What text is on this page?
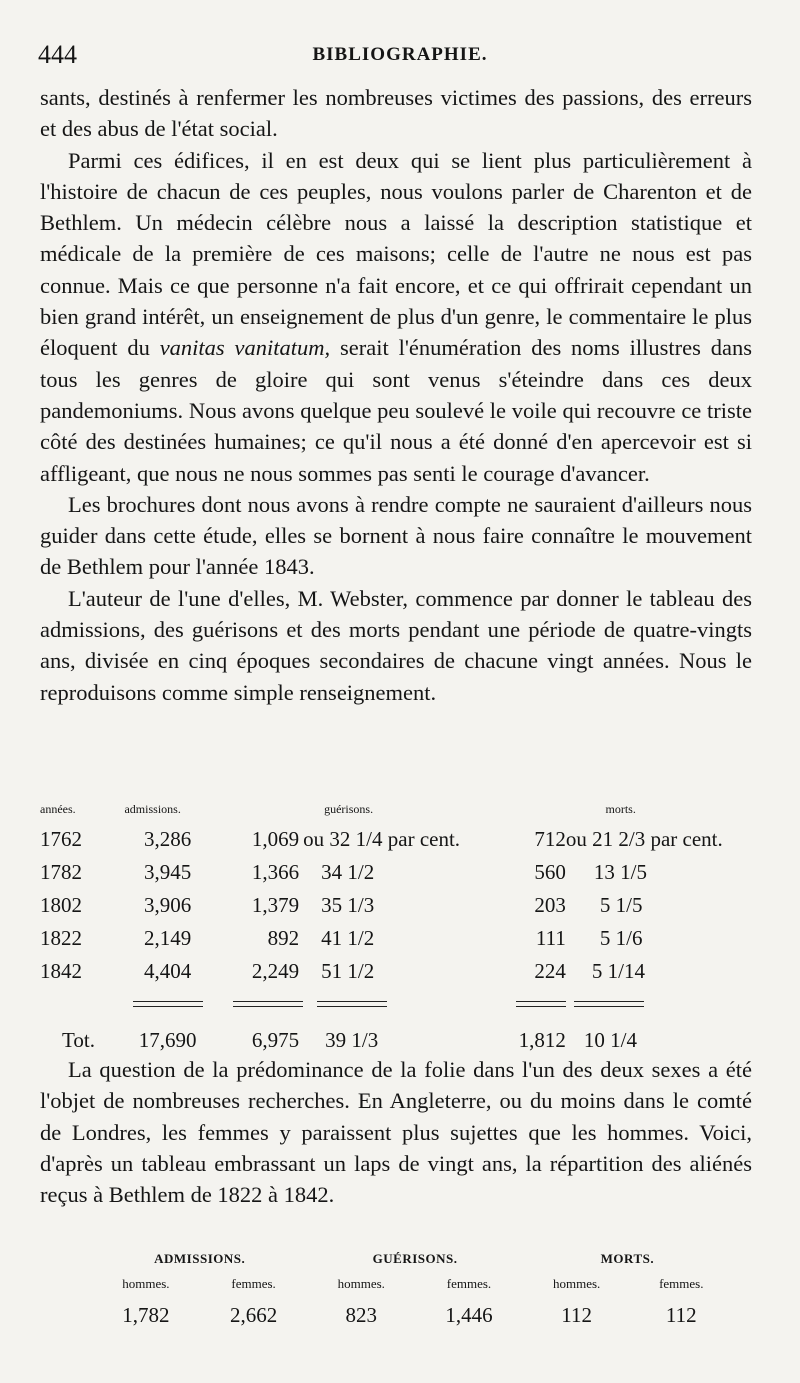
444	BIBLIOGRAPHIE.

sants, destinés à renfermer les nombreuses victimes des passions, des erreurs et des abus de l'état social.

Parmi ces édifices, il en est deux qui se lient plus particulièrement à l'histoire de chacun de ces peuples, nous voulons parler de Charenton et de Bethlem. Un médecin célèbre nous a laissé la description statistique et médicale de la première de ces maisons; celle de l'autre ne nous est pas connue. Mais ce que personne n'a fait encore, et ce qui offrirait cependant un bien grand intérêt, un enseignement de plus d'un genre, le commentaire le plus éloquent du vanitas vanitatum, serait l'énumération des noms illustres dans tous les genres de gloire qui sont venus s'éteindre dans ces deux pandemoniums. Nous avons quelque peu soulevé le voile qui recouvre ce triste côté des destinées humaines; ce qu'il nous a été donné d'en apercevoir est si affligeant, que nous ne nous sommes pas senti le courage d'avancer.

Les brochures dont nous avons à rendre compte ne sauraient d'ailleurs nous guider dans cette étude, elles se bornent à nous faire connaître le mouvement de Bethlem pour l'année 1843.

L'auteur de l'une d'elles, M. Webster, commence par donner le tableau des admissions, des guérisons et des morts pendant une période de quatre-vingts ans, divisée en cinq époques secondaires de chacune vingt années. Nous le reproduisons comme simple renseignement.

années.	admissions.	guérisons.		morts.	
1762	3,286	1,069	ou 32 1/4 par cent.	712	ou 21 2/3 par cent.
1782	3,945	1,366	34 1/2	560	13 1/5
1802	3,906	1,379	35 1/3	203	5 1/5
1822	2,149	892	41 1/2	111	5 1/6
1842	4,404	2,249	51 1/2	224	5 1/14

Tot.	17,690	6,975	39 1/3	1,812	10 1/4

La question de la prédominance de la folie dans l'un des deux sexes a été l'objet de nombreuses recherches. En Angleterre, ou du moins dans le comté de Londres, les femmes y paraissent plus sujettes que les hommes. Voici, d'après un tableau embrassant un laps de vingt ans, la répartition des aliénés reçus à Bethlem de 1822 à 1842.

ADMISSIONS.		GUÉRISONS.		MORTS.	
hommes.	femmes.	hommes.	femmes.	hommes.	femmes.
1,782	2,662	823	1,446	112	112
